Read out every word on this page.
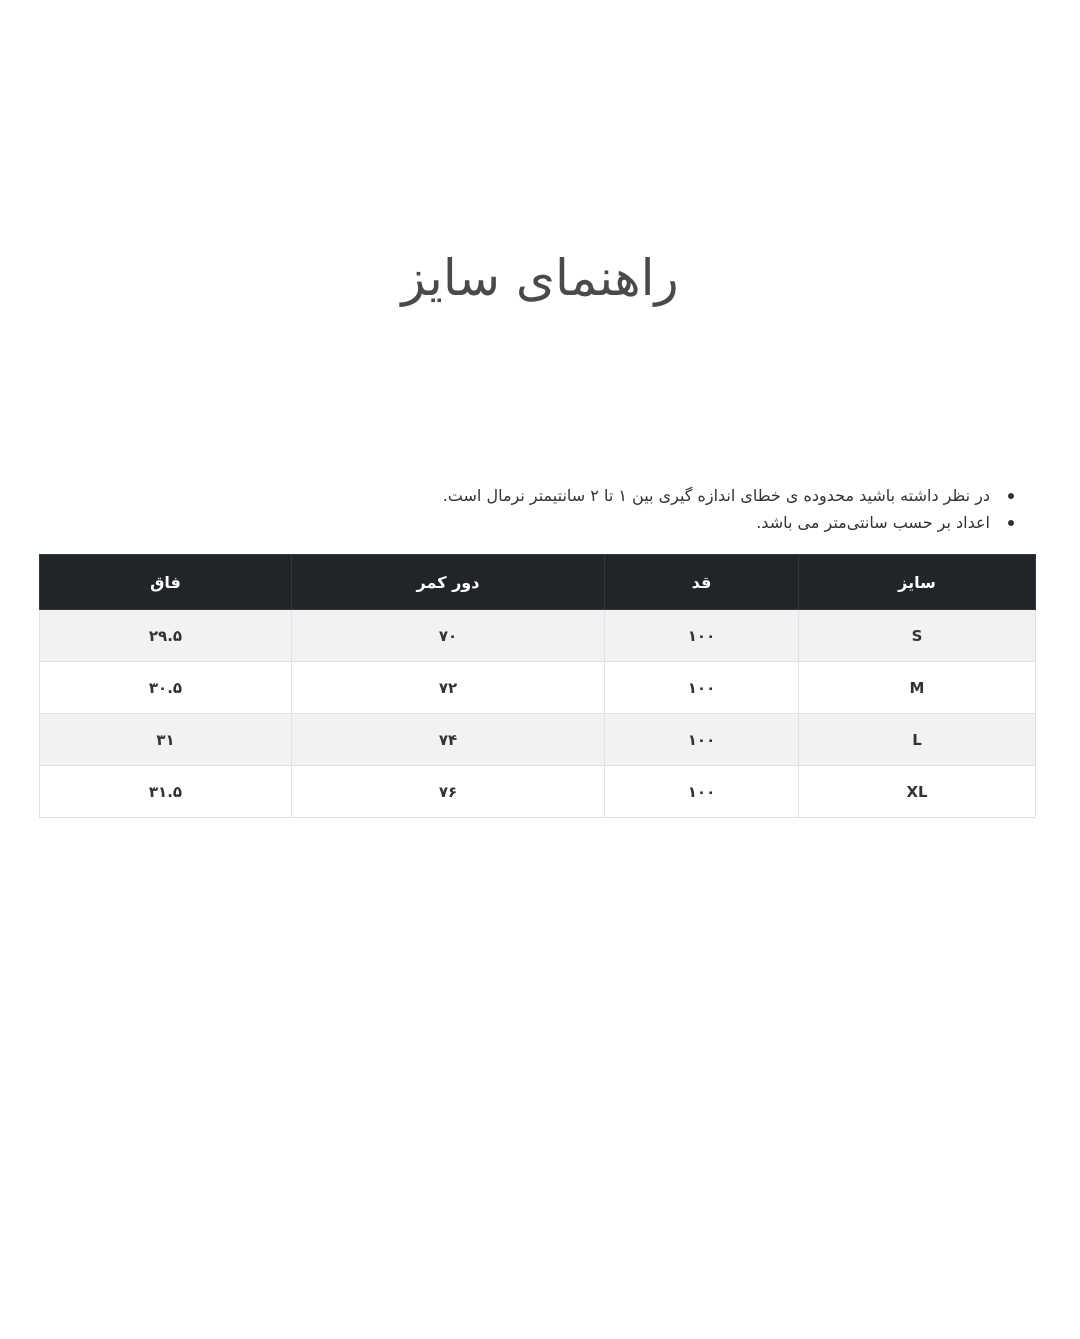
راهنمای سایز
در نظر داشته باشید محدوده ی خطای اندازه گیری بین ۱ تا ۲ سانتیمتر نرمال است.
اعداد بر حسب سانتی‌متر می باشد.
سایز	قد	دور کمر	فاق
S	۱۰۰	۷۰	۲۹.۵
M	۱۰۰	۷۲	۳۰.۵
L	۱۰۰	۷۴	۳۱
XL	۱۰۰	۷۶	۳۱.۵
